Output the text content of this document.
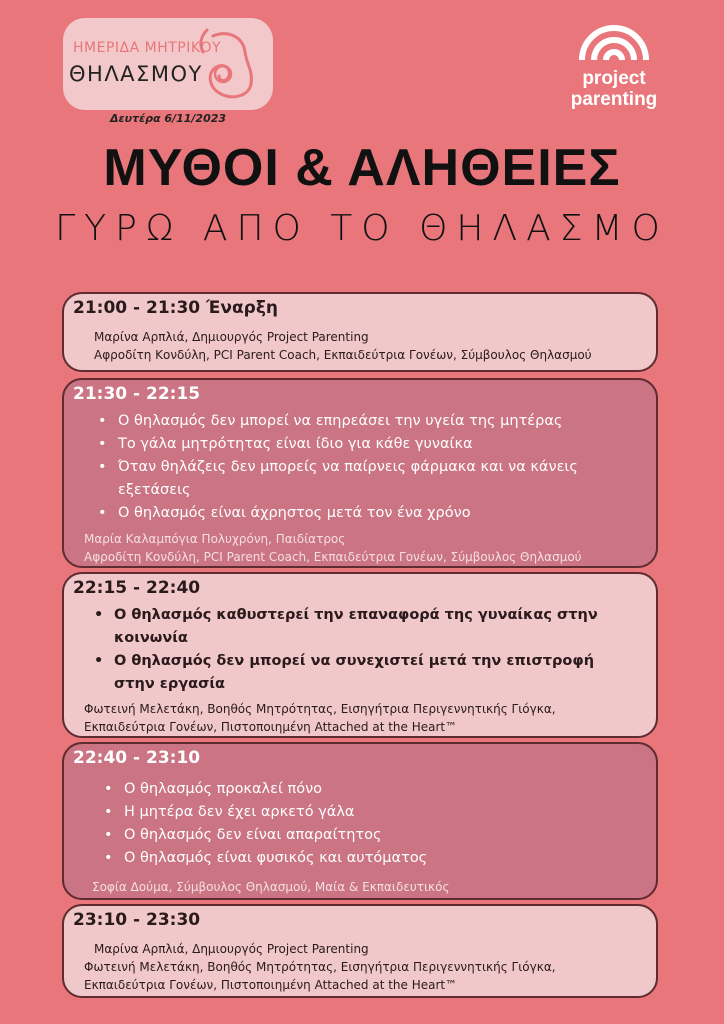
ΗΜΕΡΙΔΑ ΜΗΤΡΙΚΟΥ
ΘΗΛΑΣΜΟΥ
Δευτέρα 6/11/2023
project
parenting
ΜΥΘΟΙ & ΑΛΗΘΕΙΕΣ
ΓΥΡΩ ΑΠΟ ΤΟ ΘΗΛΑΣΜΟ
21:00 - 21:30 Έναρξη
Μαρίνα Αρπλιά, Δημιουργός Project Parenting
Αφροδίτη Κονδύλη, PCI Parent Coach, Εκπαιδεύτρια Γονέων, Σύμβουλος Θηλασμού
21:30 - 22:15
• Ο θηλασμός δεν μπορεί να επηρεάσει την υγεία της μητέρας
• Το γάλα μητρότητας είναι ίδιο για κάθε γυναίκα
• Όταν θηλάζεις δεν μπορείς να παίρνεις φάρμακα και να κάνεις εξετάσεις
• Ο θηλασμός είναι άχρηστος μετά τον ένα χρόνο
Μαρία Καλαμπόγια Πολυχρόνη, Παιδίατρος
Αφροδίτη Κονδύλη, PCI Parent Coach, Εκπαιδεύτρια Γονέων, Σύμβουλος Θηλασμού
22:15 - 22:40
• Ο θηλασμός καθυστερεί την επαναφορά της γυναίκας στην κοινωνία
• Ο θηλασμός δεν μπορεί να συνεχιστεί μετά την επιστροφή στην εργασία
Φωτεινή Μελετάκη, Βοηθός Μητρότητας, Εισηγήτρια Περιγεννητικής Γιόγκα,
Εκπαιδεύτρια Γονέων, Πιστοποιημένη Attached at the Heart™
22:40 - 23:10
• Ο θηλασμός προκαλεί πόνο
• Η μητέρα δεν έχει αρκετό γάλα
• Ο θηλασμός δεν είναι απαραίτητος
• Ο θηλασμός είναι φυσικός και αυτόματος
Σοφία Δούμα, Σύμβουλος Θηλασμού, Μαία & Εκπαιδευτικός
23:10 - 23:30
Μαρίνα Αρπλιά, Δημιουργός Project Parenting
Φωτεινή Μελετάκη, Βοηθός Μητρότητας, Εισηγήτρια Περιγεννητικής Γιόγκα,
Εκπαιδεύτρια Γονέων, Πιστοποιημένη Attached at the Heart™
